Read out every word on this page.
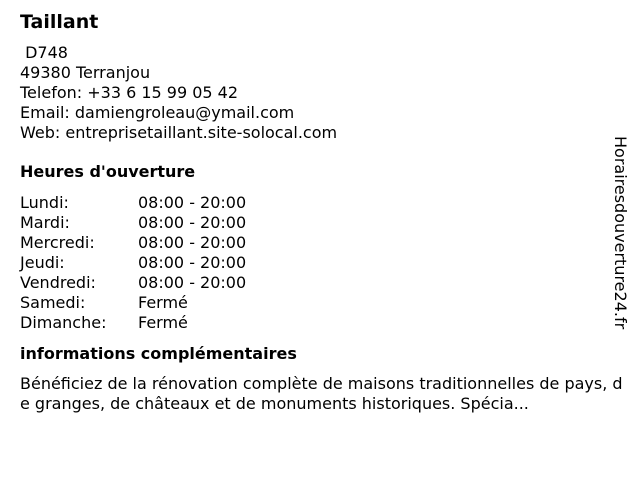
Taillant
D748
49380 Terranjou
Telefon: +33 6 15 99 05 42
Email: damiengroleau@ymail.com
Web: entreprisetaillant.site-solocal.com
Heures d'ouverture
Lundi:	08:00 - 20:00
Mardi:	08:00 - 20:00
Mercredi:	08:00 - 20:00
Jeudi:	08:00 - 20:00
Vendredi:	08:00 - 20:00
Samedi:	Fermé
Dimanche:	Fermé
informations complémentaires
Bénéficiez de la rénovation complète de maisons traditionnelles de pays, de granges, de châteaux et de monuments historiques. Spécia...
Horairesdouverture24.fr
